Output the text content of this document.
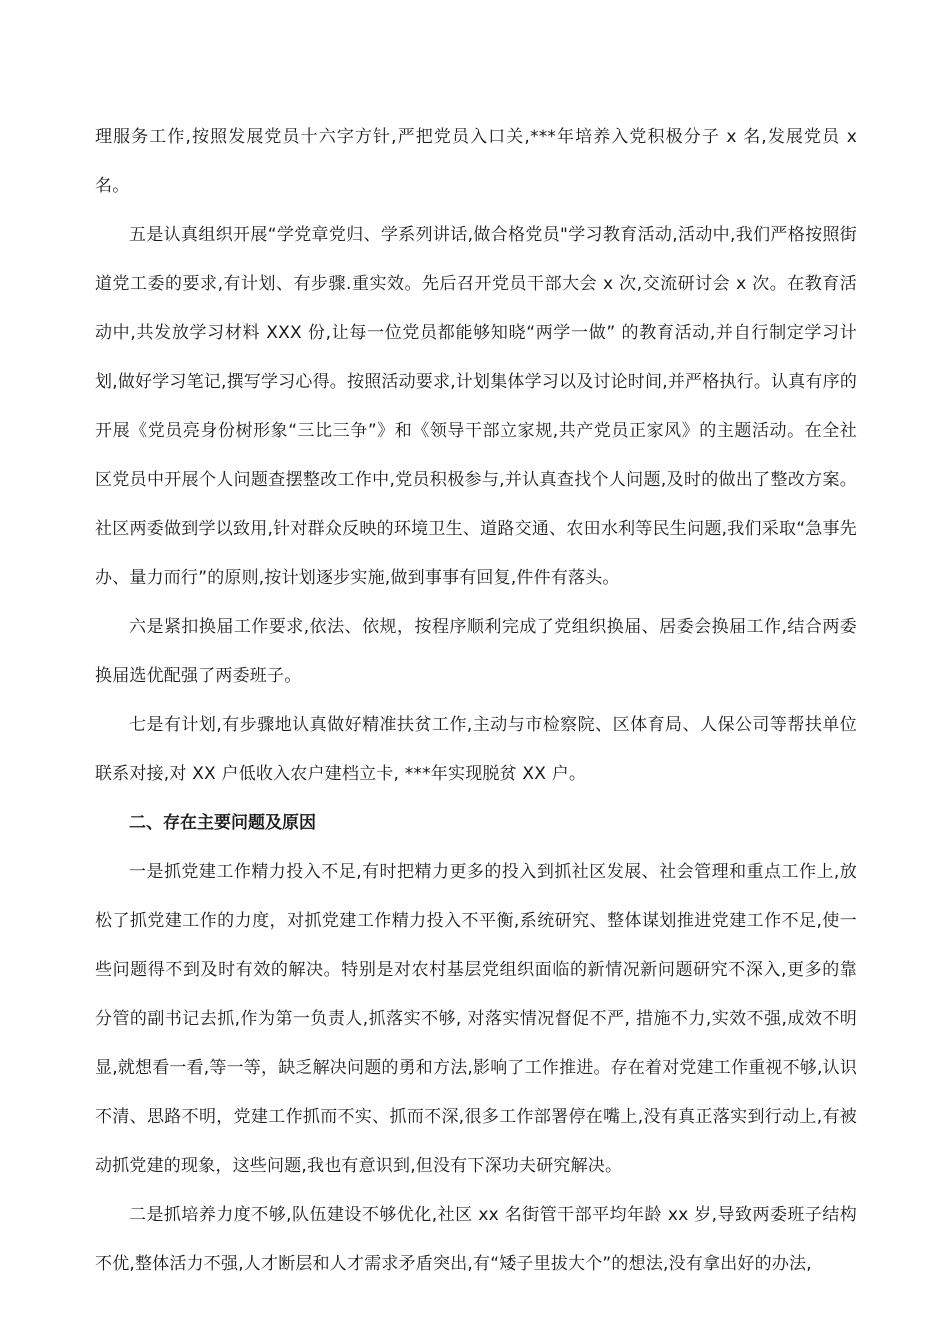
理服务工作,按照发展党员十六字方针,严把党员入口关,***年培养入党积极分子 x 名,发展党员 x 名。

五是认真组织开展“学党章党归、学系列讲话,做合格党员"学习教育活动,活动中,我们严格按照街道党工委的要求,有计划、有步骤.重实效。先后召开党员干部大会 x 次,交流研讨会 x 次。在教育活动中,共发放学习材料 XXX 份,让每一位党员都能够知晓“两学一做” 的教育活动,并自行制定学习计划,做好学习笔记,撰写学习心得。按照活动要求,计划集体学习以及讨论时间,并严格执行。认真有序的开展《党员亮身份树形象“三比三争”》和《领导干部立家规,共产党员正家风》的主题活动。在全社区党员中开展个人问题查摆整改工作中,党员积极参与,并认真查找个人问题,及时的做出了整改方案。社区两委做到学以致用,针对群众反映的环境卫生、道路交通、农田水利等民生问题,我们采取“急事先办、量力而行”的原则,按计划逐步实施,做到事事有回复,件件有落头。

六是紧扣换届工作要求,依法、依规，按程序顺利完成了党组织换届、居委会换届工作,结合两委换届选优配强了两委班子。

七是有计划,有步骤地认真做好精准扶贫工作,主动与市检察院、区体育局、人保公司等帮扶单位联系对接,对 XX 户低收入农户建档立卡, ***年实现脱贫 XX 户。

二、存在主要问题及原因

一是抓党建工作精力投入不足,有时把精力更多的投入到抓社区发展、社会管理和重点工作上,放松了抓党建工作的力度，对抓党建工作精力投入不平衡,系统研究、整体谋划推进党建工作不足,使一些问题得不到及时有效的解决。特别是对农村基层党组织面临的新情况新问题研究不深入,更多的靠分管的副书记去抓,作为第一负责人,抓落实不够, 对落实情况督促不严, 措施不力,实效不强,成效不明显,就想看一看,等一等，缺乏解决问题的勇和方法,影响了工作推进。存在着对党建工作重视不够,认识不清、思路不明，党建工作抓而不实、抓而不深,很多工作部署停在嘴上,没有真正落实到行动上,有被动抓党建的现象，这些问题,我也有意识到,但没有下深功夫研究解决。

二是抓培养力度不够,队伍建设不够优化,社区 xx 名街管干部平均年龄 xx 岁,导致两委班子结构不优,整体活力不强,人才断层和人才需求矛盾突出,有“矮子里拔大个”的想法,没有拿出好的办法,
